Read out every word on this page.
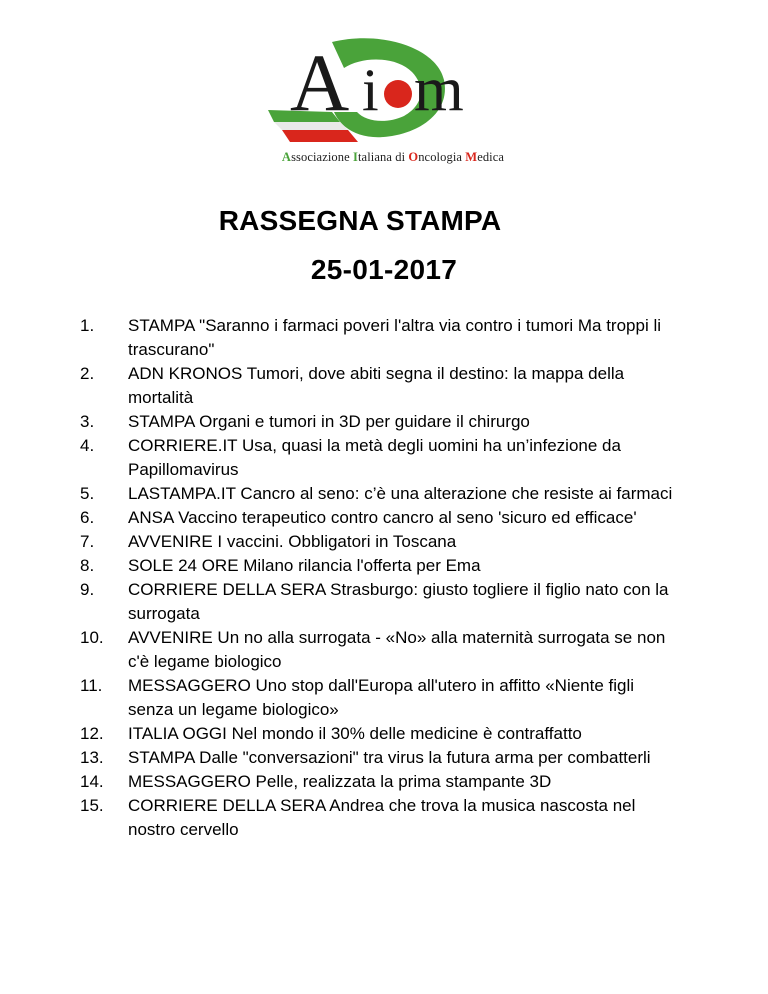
A i m
Associazione Italiana di Oncologia Medica
RASSEGNA STAMPA
25-01-2017
1. STAMPA "Saranno i farmaci poveri l'altra via contro i tumori Ma troppi li trascurano"
2. ADN KRONOS Tumori, dove abiti segna il destino: la mappa della mortalità
3. STAMPA Organi e tumori in 3D per guidare il chirurgo
4. CORRIERE.IT Usa, quasi la metà degli uomini ha un’infezione da Papillomavirus
5. LASTAMPA.IT Cancro al seno: c’è una alterazione che resiste ai farmaci
6. ANSA Vaccino terapeutico contro cancro al seno 'sicuro ed efficace'
7. AVVENIRE I vaccini. Obbligatori in Toscana
8. SOLE 24 ORE Milano rilancia l'offerta per Ema
9. CORRIERE DELLA SERA Strasburgo: giusto togliere il figlio nato con la surrogata
10. AVVENIRE Un no alla surrogata - «No» alla maternità surrogata se non c'è legame biologico
11. MESSAGGERO Uno stop dall'Europa all'utero in affitto «Niente figli senza un legame biologico»
12. ITALIA OGGI Nel mondo il 30% delle medicine è contraffatto
13. STAMPA Dalle "conversazioni" tra virus la futura arma per combatterli
14. MESSAGGERO Pelle, realizzata la prima stampante 3D
15. CORRIERE DELLA SERA Andrea che trova la musica nascosta nel nostro cervello
